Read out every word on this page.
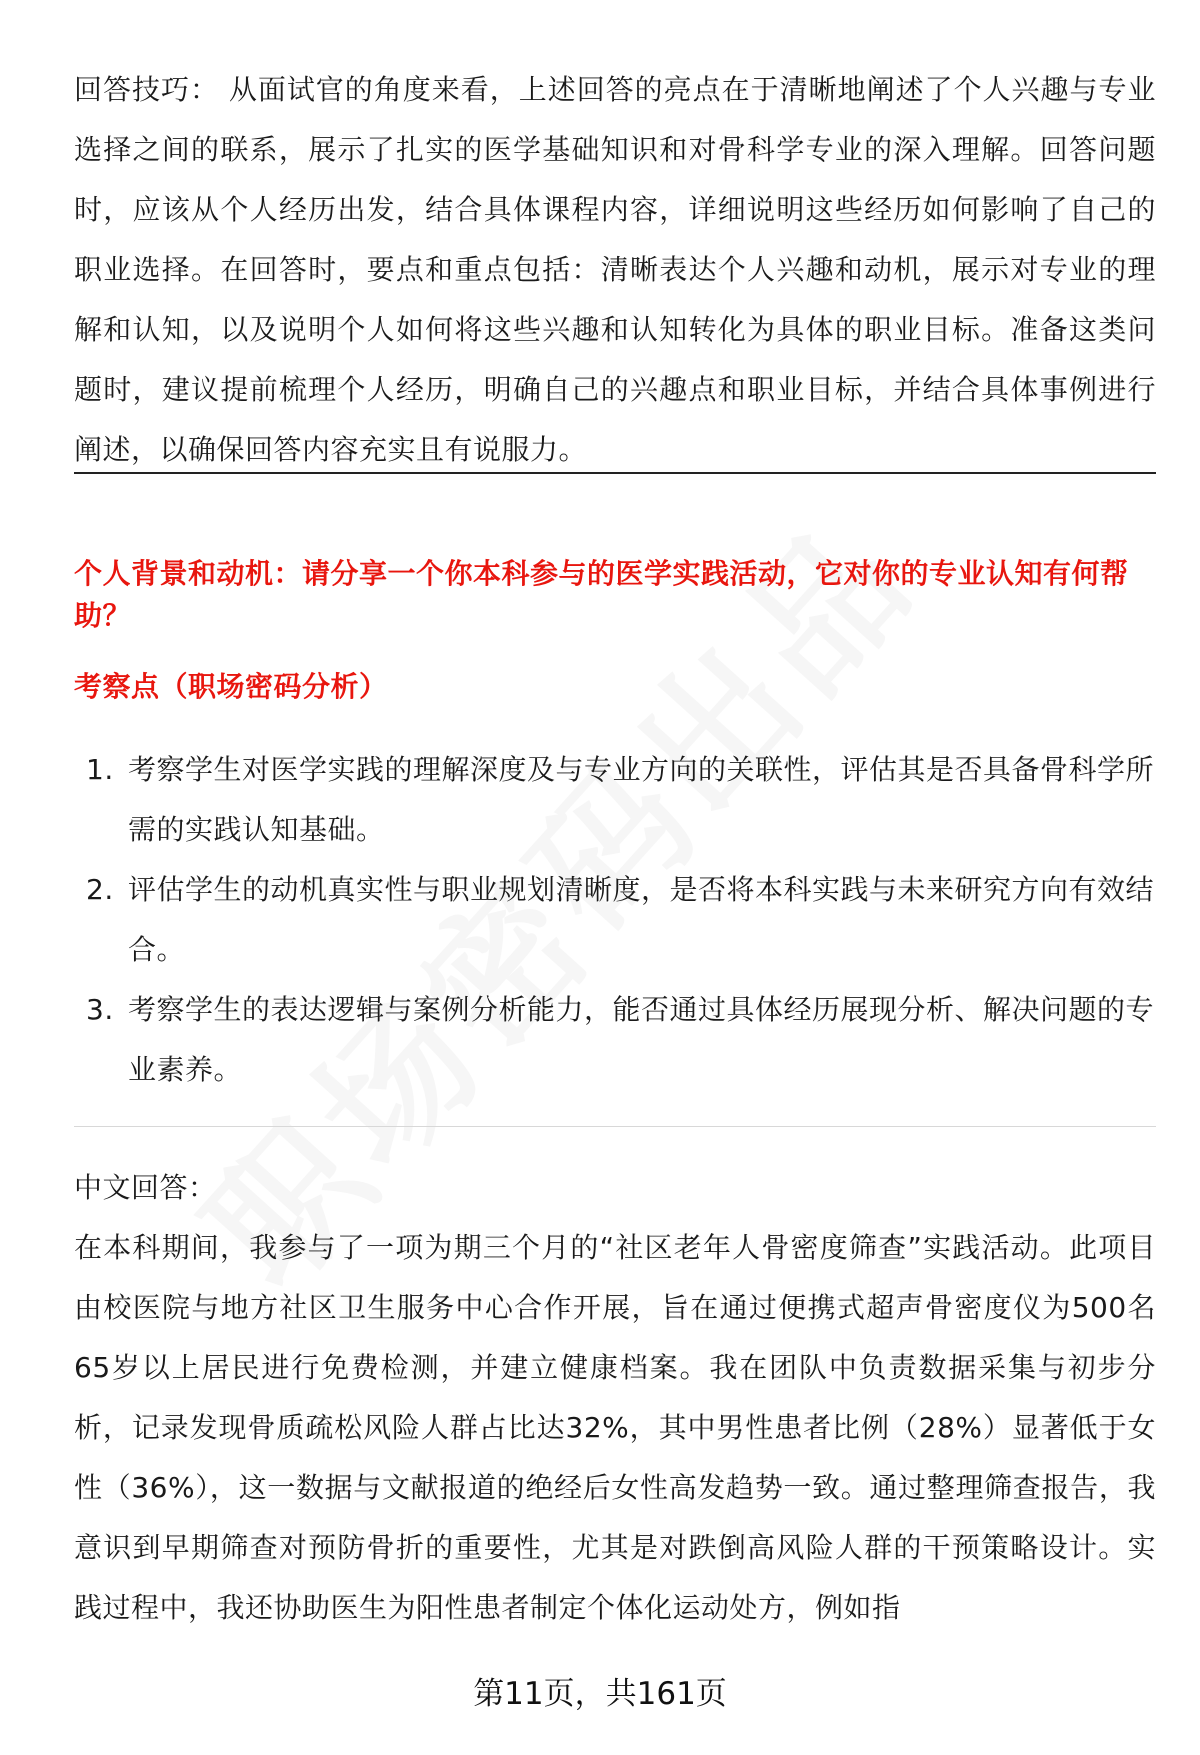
回答技巧： 从面试官的角度来看，上述回答的亮点在于清晰地阐述了个人兴趣与专业选择之间的联系，展示了扎实的医学基础知识和对骨科学专业的深入理解。回答问题时，应该从个人经历出发，结合具体课程内容，详细说明这些经历如何影响了自己的职业选择。在回答时，要点和重点包括：清晰表达个人兴趣和动机，展示对专业的理解和认知，以及说明个人如何将这些兴趣和认知转化为具体的职业目标。准备这类问题时，建议提前梳理个人经历，明确自己的兴趣点和职业目标，并结合具体事例进行阐述，以确保回答内容充实且有说服力。

个人背景和动机：请分享一个你本科参与的医学实践活动，它对你的专业认知有何帮助？

考察点（职场密码分析）

1. 考察学生对医学实践的理解深度及与专业方向的关联性，评估其是否具备骨科学所需的实践认知基础。
2. 评估学生的动机真实性与职业规划清晰度，是否将本科实践与未来研究方向有效结合。
3. 考察学生的表达逻辑与案例分析能力，能否通过具体经历展现分析、解决问题的专业素养。

中文回答：

在本科期间，我参与了一项为期三个月的“社区老年人骨密度筛查”实践活动。此项目由校医院与地方社区卫生服务中心合作开展，旨在通过便携式超声骨密度仪为500名65岁以上居民进行免费检测，并建立健康档案。我在团队中负责数据采集与初步分析，记录发现骨质疏松风险人群占比达32%，其中男性患者比例（28%）显著低于女性（36%），这一数据与文献报道的绝经后女性高发趋势一致。通过整理筛查报告，我意识到早期筛查对预防骨折的重要性，尤其是对跌倒高风险人群的干预策略设计。实践过程中，我还协助医生为阳性患者制定个体化运动处方，例如指

第11页，共161页
